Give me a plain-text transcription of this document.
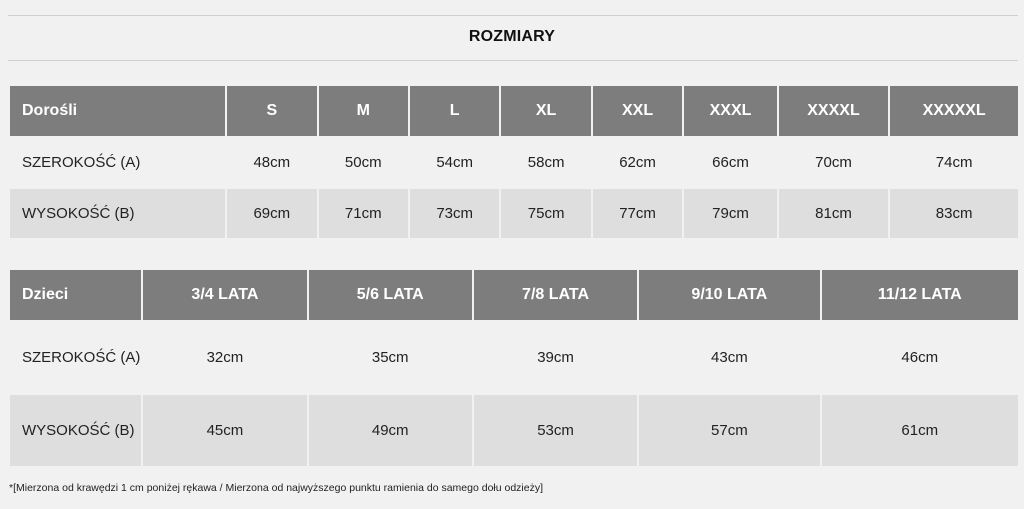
ROZMIARY
Dorośli	S	M	L	XL	XXL	XXXL	XXXXL	XXXXXL
SZEROKOŚĆ (A)	48cm	50cm	54cm	58cm	62cm	66cm	70cm	74cm
WYSOKOŚĆ (B)	69cm	71cm	73cm	75cm	77cm	79cm	81cm	83cm
Dzieci	3/4 LATA	5/6 LATA	7/8 LATA	9/10 LATA	11/12 LATA
SZEROKOŚĆ (A)	32cm	35cm	39cm	43cm	46cm
WYSOKOŚĆ (B)	45cm	49cm	53cm	57cm	61cm
*[Mierzona od krawędzi 1 cm poniżej rękawa / Mierzona od najwyższego punktu ramienia do samego dołu odzieży]
